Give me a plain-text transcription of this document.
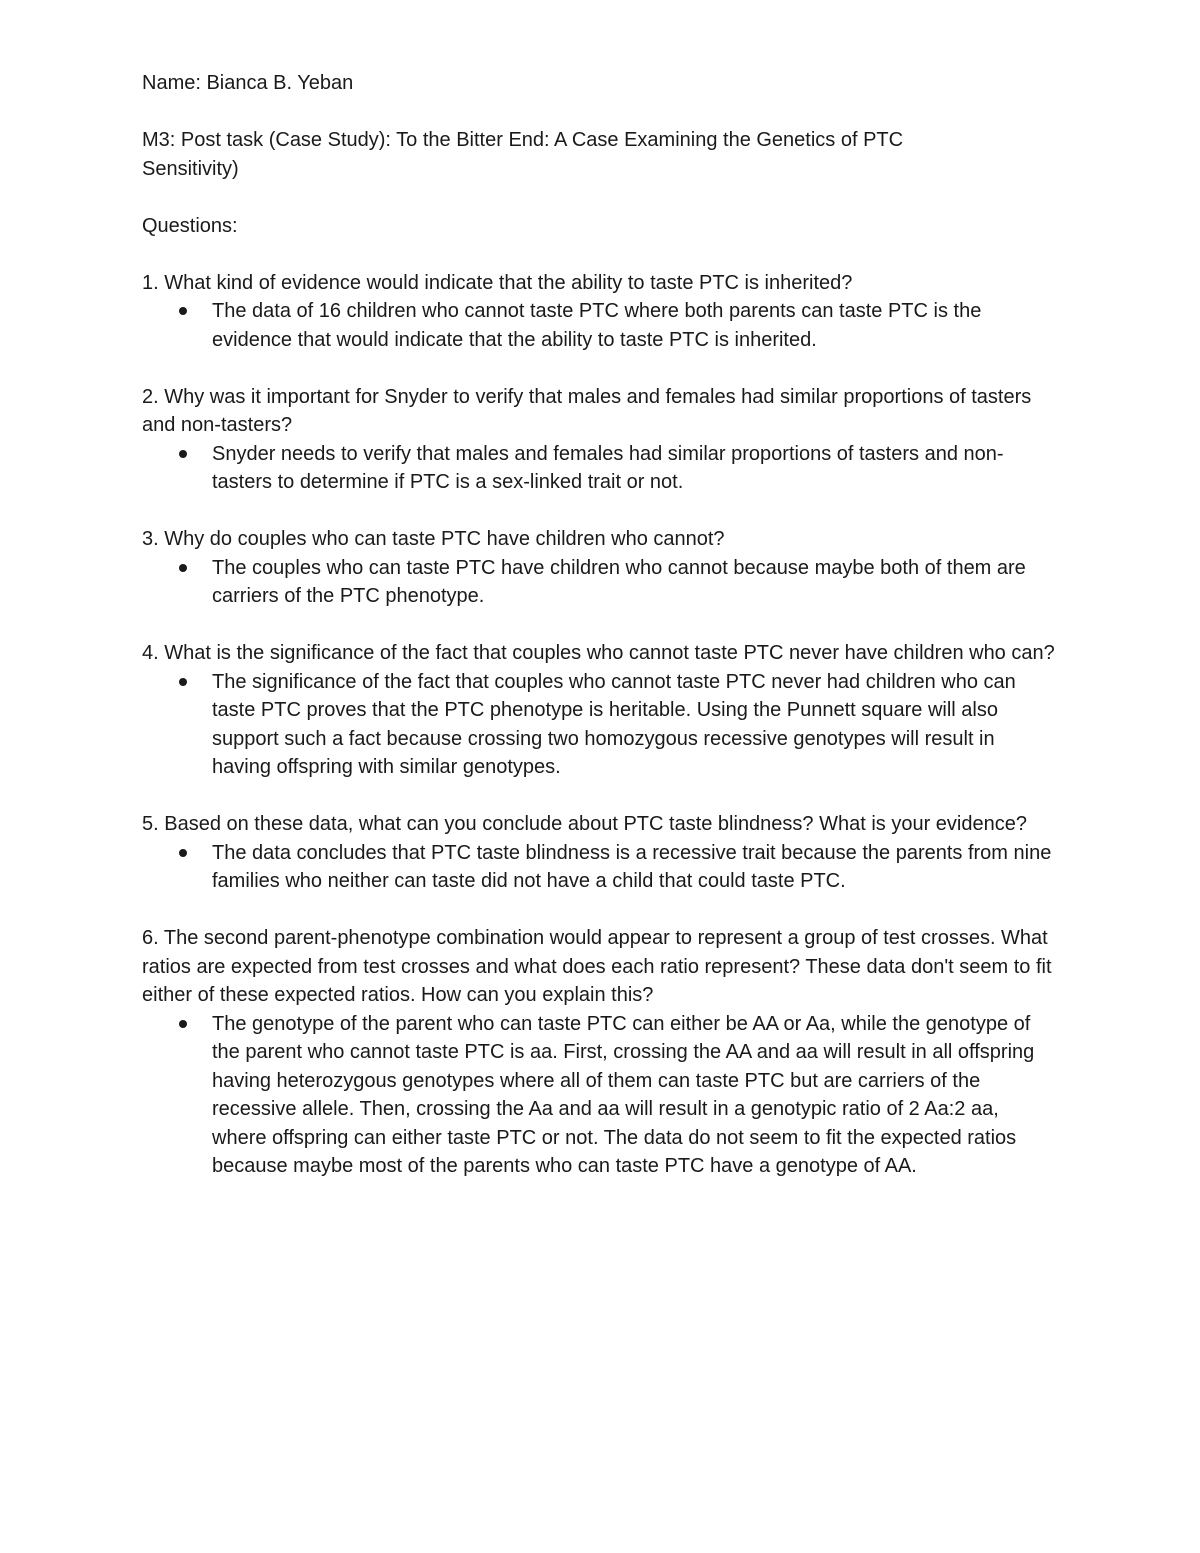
Name: Bianca B. Yeban

M3: Post task (Case Study): To the Bitter End: A Case Examining the Genetics of PTC Sensitivity)

Questions:

1. What kind of evidence would indicate that the ability to taste PTC is inherited?

The data of 16 children who cannot taste PTC where both parents can taste PTC is the evidence that would indicate that the ability to taste PTC is inherited.

2. Why was it important for Snyder to verify that males and females had similar proportions of tasters and non-tasters?

Snyder needs to verify that males and females had similar proportions of tasters and non-tasters to determine if PTC is a sex-linked trait or not.

3. Why do couples who can taste PTC have children who cannot?

The couples who can taste PTC have children who cannot because maybe both of them are carriers of the PTC phenotype.

4. What is the significance of the fact that couples who cannot taste PTC never have children who can?

The significance of the fact that couples who cannot taste PTC never had children who can taste PTC proves that the PTC phenotype is heritable. Using the Punnett square will also support such a fact because crossing two homozygous recessive genotypes will result in having offspring with similar genotypes.

5. Based on these data, what can you conclude about PTC taste blindness? What is your evidence?

The data concludes that PTC taste blindness is a recessive trait because the parents from nine families who neither can taste did not have a child that could taste PTC.

6. The second parent-phenotype combination would appear to represent a group of test crosses. What ratios are expected from test crosses and what does each ratio represent? These data don't seem to fit either of these expected ratios. How can you explain this?

The genotype of the parent who can taste PTC can either be AA or Aa, while the genotype of the parent who cannot taste PTC is aa. First, crossing the AA and aa will result in all offspring having heterozygous genotypes where all of them can taste PTC but are carriers of the recessive allele. Then, crossing the Aa and aa will result in a genotypic ratio of 2 Aa:2 aa, where offspring can either taste PTC or not. The data do not seem to fit the expected ratios because maybe most of the parents who can taste PTC have a genotype of AA.
